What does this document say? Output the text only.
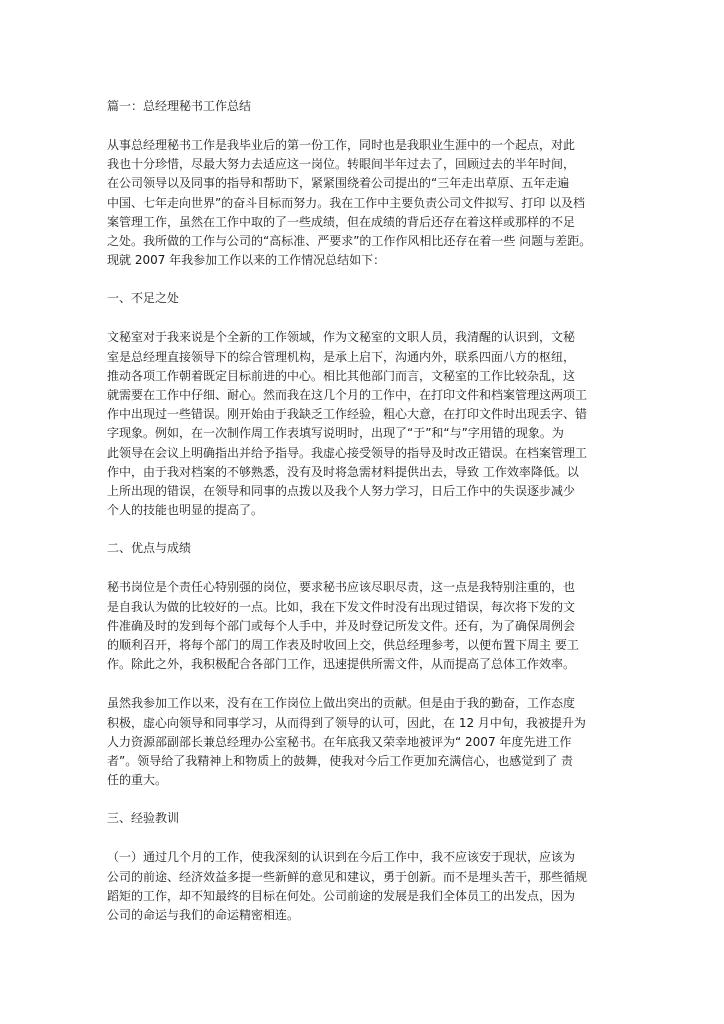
篇一：总经理秘书工作总结
从事总经理秘书工作是我毕业后的第一份工作，同时也是我职业生涯中的一个起点，对此
我也十分珍惜，尽最大努力去适应这一岗位。转眼间半年过去了，回顾过去的半年时间，
在公司领导以及同事的指导和帮助下，紧紧围绕着公司提出的“三年走出草原、五年走遍
中国、七年走向世界”的奋斗目标而努力。我在工作中主要负责公司文件拟写、打印 以及档
案管理工作，虽然在工作中取的了一些成绩，但在成绩的背后还存在着这样或那样的不足
之处。我所做的工作与公司的“高标准、严要求”的工作作风相比还存在着一些 问题与差距。
现就 2007 年我参加工作以来的工作情况总结如下：
一、不足之处
文秘室对于我来说是个全新的工作领域，作为文秘室的文职人员，我清醒的认识到，文秘
室是总经理直接领导下的综合管理机构，是承上启下，沟通内外，联系四面八方的枢纽，
推动各项工作朝着既定目标前进的中心。相比其他部门而言，文秘室的工作比较杂乱，这
就需要在工作中仔细、耐心。然而我在这几个月的工作中，在打印文件和档案管理这两项工
作中出现过一些错误。刚开始由于我缺乏工作经验，粗心大意，在打印文件时出现丢字、错
字现象。例如，在一次制作周工作表填写说明时，出现了“于”和“与”字用错的现象。为
此领导在会议上明确指出并给予指导。我虚心接受领导的指导及时改正错误。在档案管理工
作中，由于我对档案的不够熟悉，没有及时将急需材料提供出去，导致 工作效率降低。以
上所出现的错误，在领导和同事的点拨以及我个人努力学习，日后工作中的失误逐步减少
个人的技能也明显的提高了。
二、优点与成绩
秘书岗位是个责任心特别强的岗位，要求秘书应该尽职尽责，这一点是我特别注重的，也
是自我认为做的比较好的一点。比如，我在下发文件时没有出现过错误，每次将下发的文
件准确及时的发到每个部门或每个人手中，并及时登记所发文件。还有，为了确保周例会
的顺利召开，将每个部门的周工作表及时收回上交，供总经理参考，以便布置下周主 要工
作。除此之外，我积极配合各部门工作，迅速提供所需文件，从而提高了总体工作效率。
虽然我参加工作以来，没有在工作岗位上做出突出的贡献。但是由于我的勤奋，工作态度
积极，虚心向领导和同事学习，从而得到了领导的认可，因此，在 12 月中旬，我被提升为
人力资源部副部长兼总经理办公室秘书。在年底我又荣幸地被评为“ 2007 年度先进工作
者”。领导给了我精神上和物质上的鼓舞，使我对今后工作更加充满信心，也感觉到了 责
任的重大。
三、经验教训
（一）通过几个月的工作，使我深刻的认识到在今后工作中，我不应该安于现状，应该为
公司的前途、经济效益多提一些新鲜的意见和建议，勇于创新。而不是埋头苦干，那些循规
蹈矩的工作，却不知最终的目标在何处。公司前途的发展是我们全体员工的出发点，因为
公司的命运与我们的命运精密相连。
